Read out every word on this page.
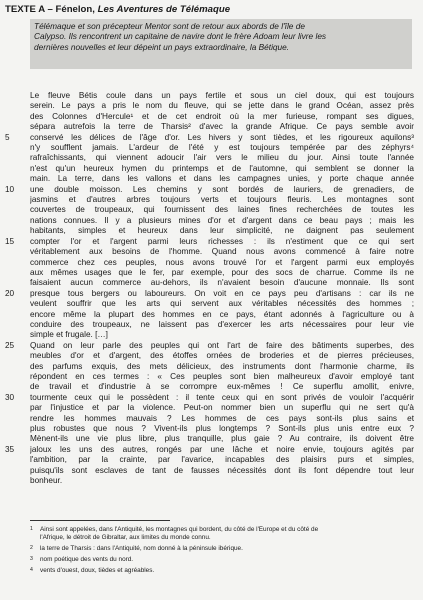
TEXTE A – Fénelon, Les Aventures de Télémaque
Télémaque et son précepteur Mentor sont de retour aux abords de l'île de
Calypso. Ils rencontrent un capitaine de navire dont le frère Adoam leur livre les
dernières nouvelles et leur dépeint un pays extraordinaire, la Bétique.
Le fleuve Bétis coule dans un pays fertile et sous un ciel doux, qui est toujours
serein. Le pays a pris le nom du fleuve, qui se jette dans le grand Océan, assez près
des Colonnes d'Hercule¹ et de cet endroit où la mer furieuse, rompant ses digues,
sépara autrefois la terre de Tharsis² d'avec la grande Afrique. Ce pays semble avoir
conservé les délices de l'âge d'or. Les hivers y sont tièdes, et les rigoureux aquilons³
n'y soufflent jamais. L'ardeur de l'été y est toujours tempérée par des zéphyrs⁴
rafraîchissants, qui viennent adoucir l'air vers le milieu du jour. Ainsi toute l'année
n'est qu'un heureux hymen du printemps et de l'automne, qui semblent se donner la
main. La terre, dans les vallons et dans les campagnes unies, y porte chaque année
une double moisson. Les chemins y sont bordés de lauriers, de grenadiers, de
jasmins et d'autres arbres toujours verts et toujours fleuris. Les montagnes sont
couvertes de troupeaux, qui fournissent des laines fines recherchées de toutes les
nations connues. Il y a plusieurs mines d'or et d'argent dans ce beau pays ; mais les
habitants, simples et heureux dans leur simplicité, ne daignent pas seulement
compter l'or et l'argent parmi leurs richesses : ils n'estiment que ce qui sert
véritablement aux besoins de l'homme. Quand nous avons commencé à faire notre
commerce chez ces peuples, nous avons trouvé l'or et l'argent parmi eux employés
aux mêmes usages que le fer, par exemple, pour des socs de charrue. Comme ils ne
faisaient aucun commerce au-dehors, ils n'avaient besoin d'aucune monnaie. Ils sont
presque tous bergers ou laboureurs. On voit en ce pays peu d'artisans : car ils ne
veulent souffrir que les arts qui servent aux véritables nécessités des hommes ;
encore même la plupart des hommes en ce pays, étant adonnés à l'agriculture ou à
conduire des troupeaux, ne laissent pas d'exercer les arts nécessaires pour leur vie
simple et frugale. […]
Quand on leur parle des peuples qui ont l'art de faire des bâtiments superbes, des
meubles d'or et d'argent, des étoffes ornées de broderies et de pierres précieuses,
des parfums exquis, des mets délicieux, des instruments dont l'harmonie charme, ils
répondent en ces termes : « Ces peuples sont bien malheureux d'avoir employé tant
de travail et d'industrie à se corrompre eux-mêmes ! Ce superflu amollit, enivre,
tourmente ceux qui le possèdent : il tente ceux qui en sont privés de vouloir l'acquérir
par l'injustice et par la violence. Peut-on nommer bien un superflu qui ne sert qu'à
rendre les hommes mauvais ? Les hommes de ces pays sont-ils plus sains et
plus robustes que nous ? Vivent-ils plus longtemps ? Sont-ils plus unis entre eux ?
Mènent-ils une vie plus libre, plus tranquille, plus gaie ? Au contraire, ils doivent être
jaloux les uns des autres, rongés par une lâche et noire envie, toujours agités par
l'ambition, par la crainte, par l'avarice, incapables des plaisirs purs et simples,
puisqu'ils sont esclaves de tant de fausses nécessités dont ils font dépendre tout leur
bonheur.
5
10
15
20
25
30
35
1 Ainsi sont appelées, dans l'Antiquité, les montagnes qui bordent, du côté de l'Europe et du côté de
l'Afrique, le détroit de Gibraltar, aux limites du monde connu.
2 la terre de Tharsis : dans l'Antiquité, nom donné à la péninsule ibérique.
3 nom poétique des vents du nord.
4 vents d'ouest, doux, tièdes et agréables.
